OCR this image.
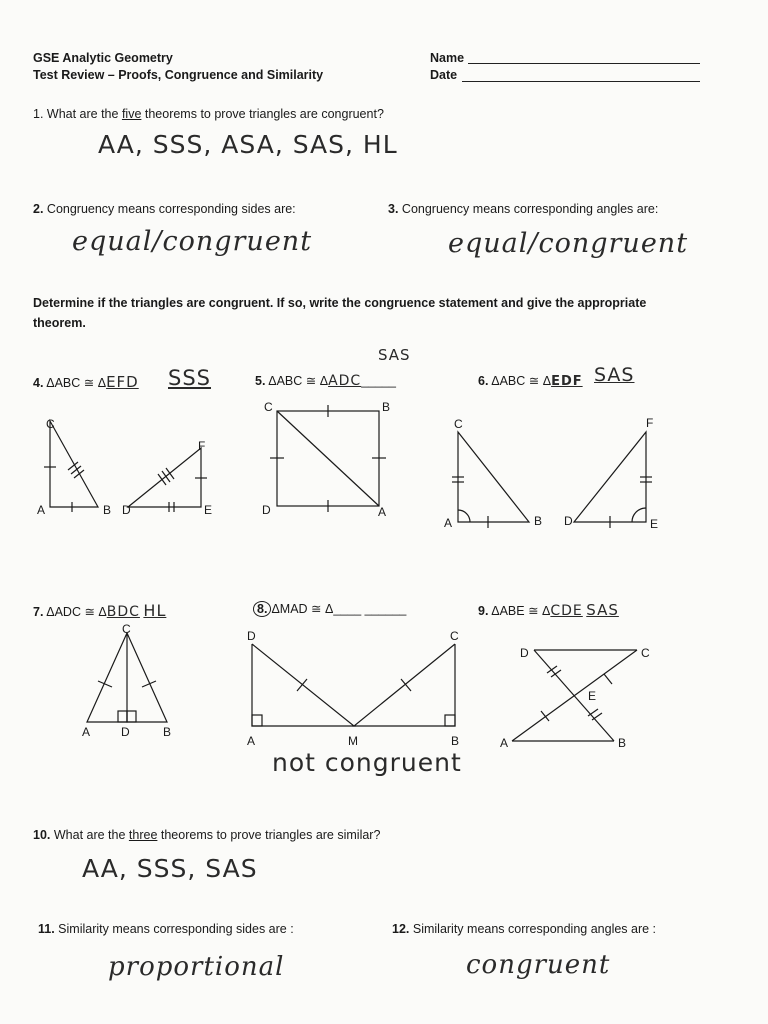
GSE Analytic Geometry
Test Review – Proofs, Congruence and Similarity
Name
Date
1. What are the five theorems to prove triangles are congruent?
AA, SSS, ASA, SAS, HL
2. Congruency means corresponding sides are:
equal/congruent
3. Congruency means corresponding angles are:
equal/congruent
Determine if the triangles are congruent. If so, write the congruence statement and give the appropriate
theorem.
4. ΔABC ≅ ΔEFD SSS
SAS
5. ΔABC ≅ ΔADC_____	6. ΔABC ≅ ΔEDF SAS
7. ΔADC ≅ ΔBDC HL	8. ΔMAD ≅ Δ____ ______
not congruent
9. ΔABE ≅ ΔCDE SAS
10. What are the three theorems to prove triangles are similar?
AA, SSS, SAS
11. Similarity means corresponding sides are :
proportional
12. Similarity means corresponding angles are :
congruent
C
A	B
F
D	E
C	B
D	A
C
A	B
F
D	E
C
A	D	B
D	C
A	M	B
D	C
E
A	B
